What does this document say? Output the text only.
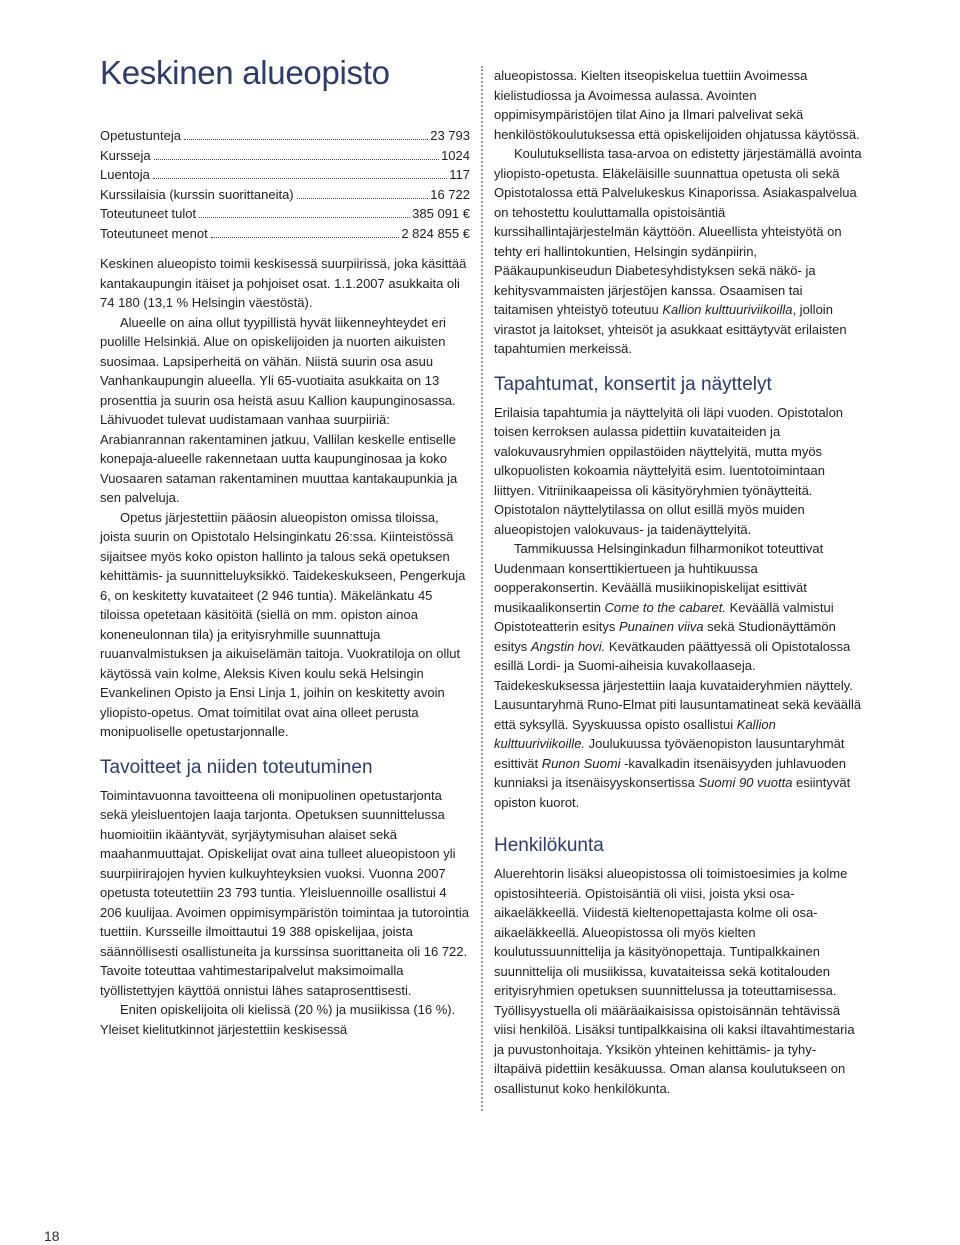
Keskinen alueopisto
Opetustunteja	23 793
Kursseja	1024
Luentoja	117
Kurssilaisia (kurssin suorittaneita)	16 722
Toteutuneet tulot	385 091 €
Toteutuneet menot	2 824 855 €

Keskinen alueopisto toimii keskisessä suurpiirissä, joka käsittää kantakaupungin itäiset ja pohjoiset osat. 1.1.2007 asukkaita oli 74 180 (13,1 % Helsingin väestöstä).

Alueelle on aina ollut tyypillistä hyvät liikenneyhteydet eri puolille Helsinkiä. Alue on opiskelijoiden ja nuorten aikuisten suosimaa. Lapsiperheitä on vähän. Niistä suurin osa asuu Vanhankaupungin alueella. Yli 65-vuotiaita asukkaita on 13 prosenttia ja suurin osa heistä asuu Kallion kaupunginosassa. Lähivuodet tulevat uudistamaan vanhaa suurpiiriä: Arabianrannan rakentaminen jatkuu, Vallilan keskelle entiselle konepaja-alueelle rakennetaan uutta kaupunginosaa ja koko Vuosaaren sataman rakentaminen muuttaa kantakaupunkia ja sen palveluja.

Opetus järjestettiin pääosin alueopiston omissa tiloissa, joista suurin on Opistotalo Helsinginkatu 26:ssa. Kiinteistössä sijaitsee myös koko opiston hallinto ja talous sekä opetuksen kehittämis- ja suunnitteluyksikkö. Taidekeskukseen, Pengerkuja 6, on keskitetty kuvataiteet (2 946 tuntia). Mäkelänkatu 45 tiloissa opetetaan käsitöitä (siellä on mm. opiston ainoa koneneulonnan tila) ja erityisryhmille suunnattuja ruuanvalmistuksen ja aikuiselämän taitoja. Vuokratiloja on ollut käytössä vain kolme, Aleksis Kiven koulu sekä Helsingin Evankelinen Opisto ja Ensi Linja 1, joihin on keskitetty avoin yliopisto-opetus. Omat toimitilat ovat aina olleet perusta monipuoliselle opetustarjonnalle.

Tavoitteet ja niiden toteutuminen

Toimintavuonna tavoitteena oli monipuolinen opetustarjonta sekä yleisluentojen laaja tarjonta. Opetuksen suunnittelussa huomioitiin ikääntyvät, syrjäytymisuhan alaiset sekä maahanmuuttajat. Opiskelijat ovat aina tulleet alueopistoon yli suurpiirirajojen hyvien kulkuyhteyksien vuoksi. Vuonna 2007 opetusta toteutettiin 23 793 tuntia. Yleisluennoille osallistui 4 206 kuulijaa. Avoimen oppimisympäristön toimintaa ja tutorointia tuettiin. Kursseille ilmoittautui 19 388 opiskelijaa, joista säännöllisesti osallistuneita ja kurssinsa suorittaneita oli 16 722. Tavoite toteuttaa vahtimestaripalvelut maksimoimalla työllistettyjen käyttöä onnistui lähes sataprosenttisesti.

Eniten opiskelijoita oli kielissä (20 %) ja musiikissa (16 %). Yleiset kielitutkinnot järjestettiin keskisessä

alueopistossa. Kielten itseopiskelua tuettiin Avoimessa kielistudiossa ja Avoimessa aulassa. Avointen oppimisympäristöjen tilat Aino ja Ilmari palvelivat sekä henkilöstökoulutuksessa että opiskelijoiden ohjatussa käytössä.

Koulutuksellista tasa-arvoa on edistetty järjestämällä avointa yliopisto-opetusta. Eläkeläisille suunnattua opetusta oli sekä Opistotalossa että Palvelukeskus Kinaporissa. Asiakaspalvelua on tehostettu kouluttamalla opistoisäntiä kurssihallintajärjestelmän käyttöön. Alueellista yhteistyötä on tehty eri hallintokuntien, Helsingin sydänpiirin, Pääkaupunkiseudun Diabetesyhdistyksen sekä näkö- ja kehitysvammaisten järjestöjen kanssa. Osaamisen tai taitamisen yhteistyö toteutuu Kallion kulttuuriviikoilla, jolloin virastot ja laitokset, yhteisöt ja asukkaat esittäytyvät erilaisten tapahtumien merkeissä.

Tapahtumat, konsertit ja näyttelyt

Erilaisia tapahtumia ja näyttelyitä oli läpi vuoden. Opistotalon toisen kerroksen aulassa pidettiin kuvataiteiden ja valokuvausryhmien oppilastöiden näyttelyitä, mutta myös ulkopuolisten kokoamia näyttelyitä esim. luentotoimintaan liittyen. Vitriinikaapeissa oli käsityöryhmien työnäytteitä. Opistotalon näyttelytilassa on ollut esillä myös muiden alueopistojen valokuvaus- ja taidenäyttelyitä.

Tammikuussa Helsinginkadun filharmonikot toteuttivat Uudenmaan konserttikiertueen ja huhtikuussa oopperakonsertin. Keväällä musiikinopiskelijat esittivät musikaalikonsertin Come to the cabaret. Keväällä valmistui Opistoteatterin esitys Punainen viiva sekä Studionäyttämön esitys Angstin hovi. Kevätkauden päättyessä oli Opistotalossa esillä Lordi- ja Suomi-aiheisia kuvakollaaseja. Taidekeskuksessa järjestettiin laaja kuvataideryhmien näyttely. Lausuntaryhmä Runo-Elmat piti lausuntamatineat sekä keväällä että syksyllä. Syyskuussa opisto osallistui Kallion kulttuuriviikoille. Joulukuussa työväenopiston lausuntaryhmät esittivät Runon Suomi -kavalkadin itsenäisyyden juhlavuoden kunniaksi ja itsenäisyyskonsertissa Suomi 90 vuotta esiintyvät opiston kuorot.

Henkilökunta

Aluerehtorin lisäksi alueopistossa oli toimistoesimies ja kolme opistosihteeriä. Opistoisäntiä oli viisi, joista yksi osa-aikaeläkkeellä. Viidestä kieltenopettajasta kolme oli osa-aikaeläkkeellä. Alueopistossa oli myös kielten koulutussuunnittelija ja käsityönopettaja. Tuntipalkkainen suunnittelija oli musiikissa, kuvataiteissa sekä kotitalouden erityisryhmien opetuksen suunnittelussa ja toteuttamisessa. Työllisyystuella oli määräaikaisissa opistoisännän tehtävissä viisi henkilöä. Lisäksi tuntipalkkaisina oli kaksi iltavahtimestaria ja puvustonhoitaja. Yksikön yhteinen kehittämis- ja tyhy-iltapäivä pidettiin kesäkuussa. Oman alansa koulutukseen on osallistunut koko henkilökunta.

18
